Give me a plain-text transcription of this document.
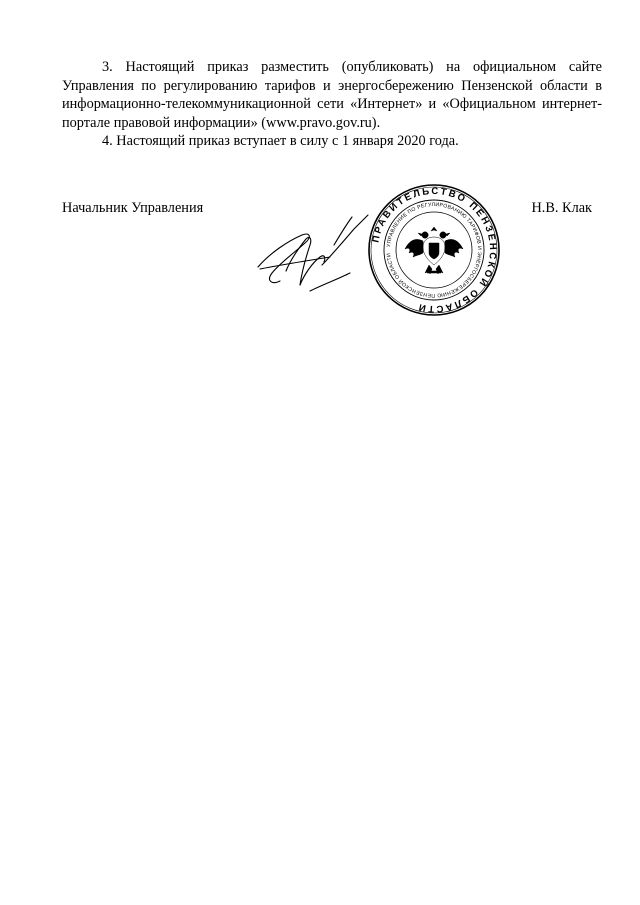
3. Настоящий приказ разместить (опубликовать) на официальном сайте Управления по регулированию тарифов и энергосбережению Пензенской области в информационно-телекоммуникационной сети «Интернет» и «Официальном интернет-портале правовой информации» (www.pravo.gov.ru).

4. Настоящий приказ вступает в силу с 1 января 2020 года.

Начальник Управления	Н.В. Клак
ПРАВИТЕЛЬСТВО ПЕНЗЕНСКОЙ ОБЛАСТИ
УПРАВЛЕНИЕ ПО РЕГУЛИРОВАНИЮ ТАРИФОВ И ЭНЕРГОСБЕРЕЖЕНИЮ ПЕНЗЕНСКОЙ ОБЛАСТИ
